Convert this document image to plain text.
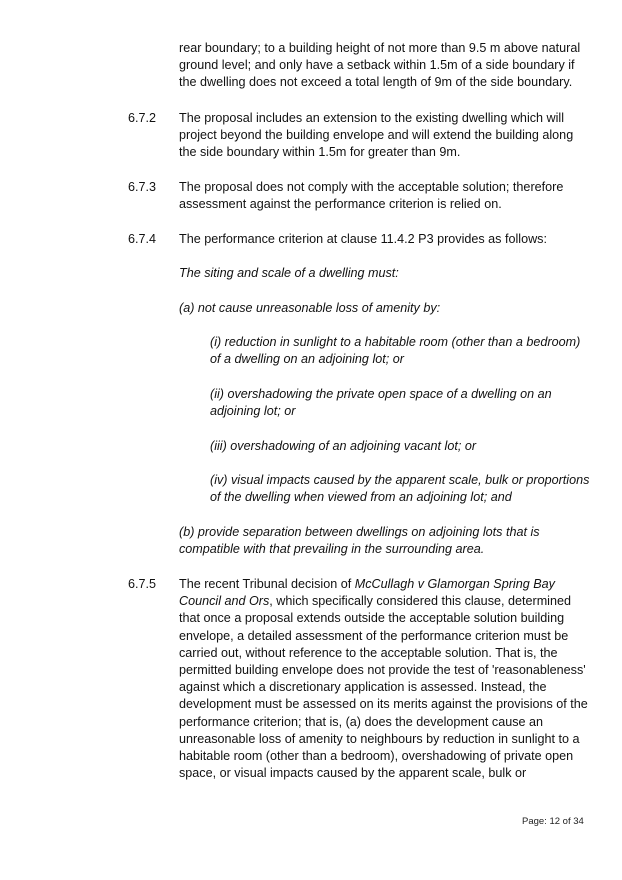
rear boundary; to a building height of not more than 9.5 m above natural ground level; and only have a setback within 1.5m of a side boundary if the dwelling does not exceed a total length of 9m of the side boundary.

6.7.2 The proposal includes an extension to the existing dwelling which will project beyond the building envelope and will extend the building along the side boundary within 1.5m for greater than 9m.

6.7.3 The proposal does not comply with the acceptable solution; therefore assessment against the performance criterion is relied on.

6.7.4 The performance criterion at clause 11.4.2 P3 provides as follows:

The siting and scale of a dwelling must:

(a) not cause unreasonable loss of amenity by:

(i) reduction in sunlight to a habitable room (other than a bedroom) of a dwelling on an adjoining lot; or

(ii) overshadowing the private open space of a dwelling on an adjoining lot; or

(iii) overshadowing of an adjoining vacant lot; or

(iv) visual impacts caused by the apparent scale, bulk or proportions of the dwelling when viewed from an adjoining lot; and

(b) provide separation between dwellings on adjoining lots that is compatible with that prevailing in the surrounding area.

6.7.5 The recent Tribunal decision of McCullagh v Glamorgan Spring Bay Council and Ors, which specifically considered this clause, determined that once a proposal extends outside the acceptable solution building envelope, a detailed assessment of the performance criterion must be carried out, without reference to the acceptable solution. That is, the permitted building envelope does not provide the test of 'reasonableness' against which a discretionary application is assessed. Instead, the development must be assessed on its merits against the provisions of the performance criterion; that is, (a) does the development cause an unreasonable loss of amenity to neighbours by reduction in sunlight to a habitable room (other than a bedroom), overshadowing of private open space, or visual impacts caused by the apparent scale, bulk or

Page: 12 of 34
